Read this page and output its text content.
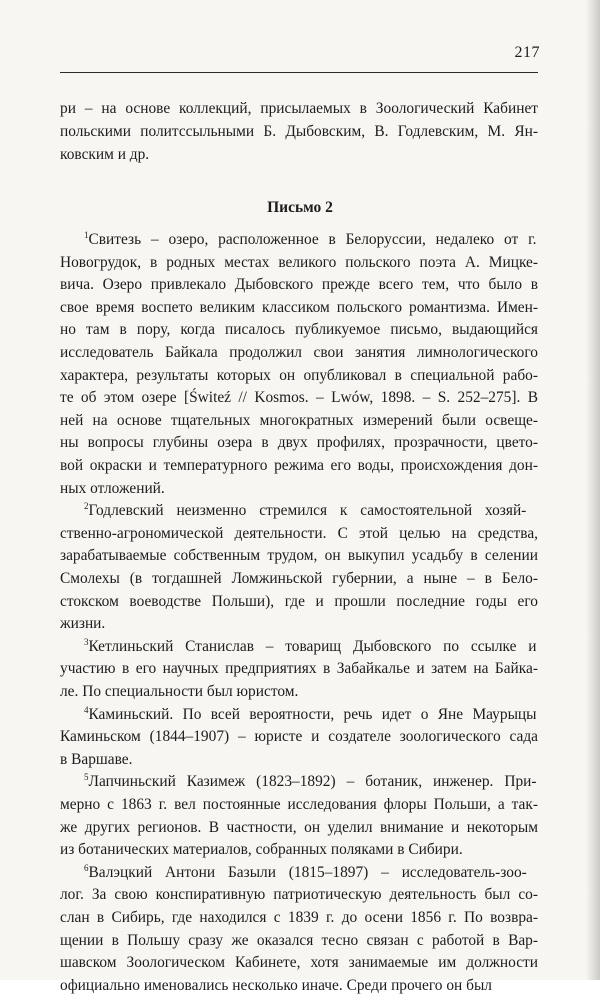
217
ри – на основе коллекций, присылаемых в Зоологический Кабинет
польскими политссыльными Б. Дыбовским, В. Годлевским, М. Ян-
ковским и др.
Письмо 2
$^1$Свитезь – озеро, расположенное в Белоруссии, недалеко от г.
Новогрудок, в родных местах великого польского поэта А. Мицке-
вича. Озеро привлекало Дыбовского прежде всего тем, что было в
свое время воспето великим классиком польского романтизма. Имен-
но там в пору, когда писалось публикуемое письмо, выдающийся
исследователь Байкала продолжил свои занятия лимнологического
характера, результаты которых он опубликовал в специальной рабо-
те об этом озере [Świteź // Kosmos. – Lwów, 1898. – S. 252–275]. В
ней на основе тщательных многократных измерений были освеще-
ны вопросы глубины озера в двух профилях, прозрачности, цвето-
вой окраски и температурного режима его воды, происхождения дон-
ных отложений.
$^2$Годлевский неизменно стремился к самостоятельной хозяй-
ственно-агрономической деятельности. С этой целью на средства,
зарабатываемые собственным трудом, он выкупил усадьбу в селении
Смолехы (в тогдашней Ломжиньской губернии, а ныне – в Бело-
стокском воеводстве Польши), где и прошли последние годы его
жизни.
$^3$Кетлиньский Станислав – товарищ Дыбовского по ссылке и
участию в его научных предприятиях в Забайкалье и затем на Байка-
ле. По специальности был юристом.
$^4$Каминьский. По всей вероятности, речь идет о Яне Маурыцы
Каминьском (1844–1907) – юристе и создателе зоологического сада
в Варшаве.
$^5$Лапчиньский Казимеж (1823–1892) – ботаник, инженер. При-
мерно с 1863 г. вел постоянные исследования флоры Польши, а так-
же других регионов. В частности, он уделил внимание и некоторым
из ботанических материалов, собранных поляками в Сибири.
$^6$Валэцкий Антони Базыли (1815–1897) – исследователь-зоо-
лог. За свою конспиративную патриотическую деятельность был со-
слан в Сибирь, где находился с 1839 г. до осени 1856 г. По возвра-
щении в Польшу сразу же оказался тесно связан с работой в Вар-
шавском Зоологическом Кабинете, хотя занимаемые им должности
официально именовались несколько иначе. Среди прочего он был
